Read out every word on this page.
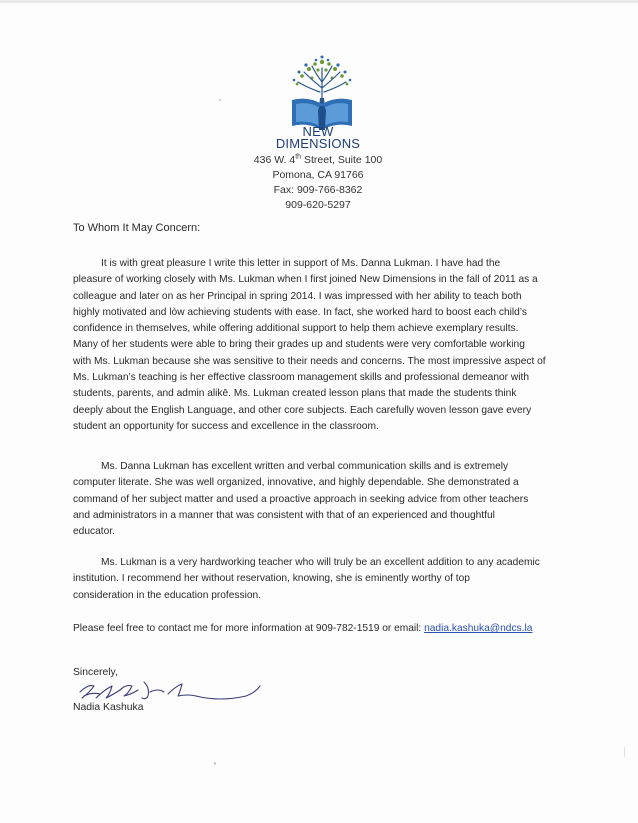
NEW
DIMENSIONS
436 W. 4th Street, Suite 100
Pomona, CA 91766
Fax: 909-766-8362
909-620-5297
To Whom It May Concern:
It is with great pleasure I write this letter in support of Ms. Danna Lukman. I have had the
pleasure of working closely with Ms. Lukman when I first joined New Dimensions in the fall of 2011 as a
colleague and later on as her Principal in spring 2014. I was impressed with her ability to teach both
highly motivated and lòw achieving students with ease. In fact, she worked hard to boost each child’s
confidence in themselves, while offering additional support to help them achieve exemplary results.
Many of her students were able to bring their grades up and students were very comfortable working
with Ms. Lukman because she was sensitive to their needs and concerns. The most impressive aspect of
Ms. Lukman’s teaching is her effective classroom management skills and professional demeanor with
students, parents, and admin alikē. Ms. Lukman created lesson plans that made the students think
deeply about the English Language, and other core subjects. Each carefully woven lesson gave every
student an opportunity for success and excellence in the classroom.
Ms. Danna Lukman has excellent written and verbal communication skills and is extremely
computer literate. She was well organized, innovative, and highly dependable. She demonstrated a
command of her subject matter and used a proactive approach in seeking advice from other teachers
and administrators in a manner that was consistent with that of an experienced and thoughtful
educator.
Ms. Lukman is a very hardworking teacher who will truly be an excellent addition to any academic
institution. I recommend her without reservation, knowing, she is eminently worthy of top
consideration in the education profession.
Please feel free to contact me for more information at 909-782-1519 or email: nadia.kashuka@ndcs.la
Sincerely,
Nadia Kashuka
